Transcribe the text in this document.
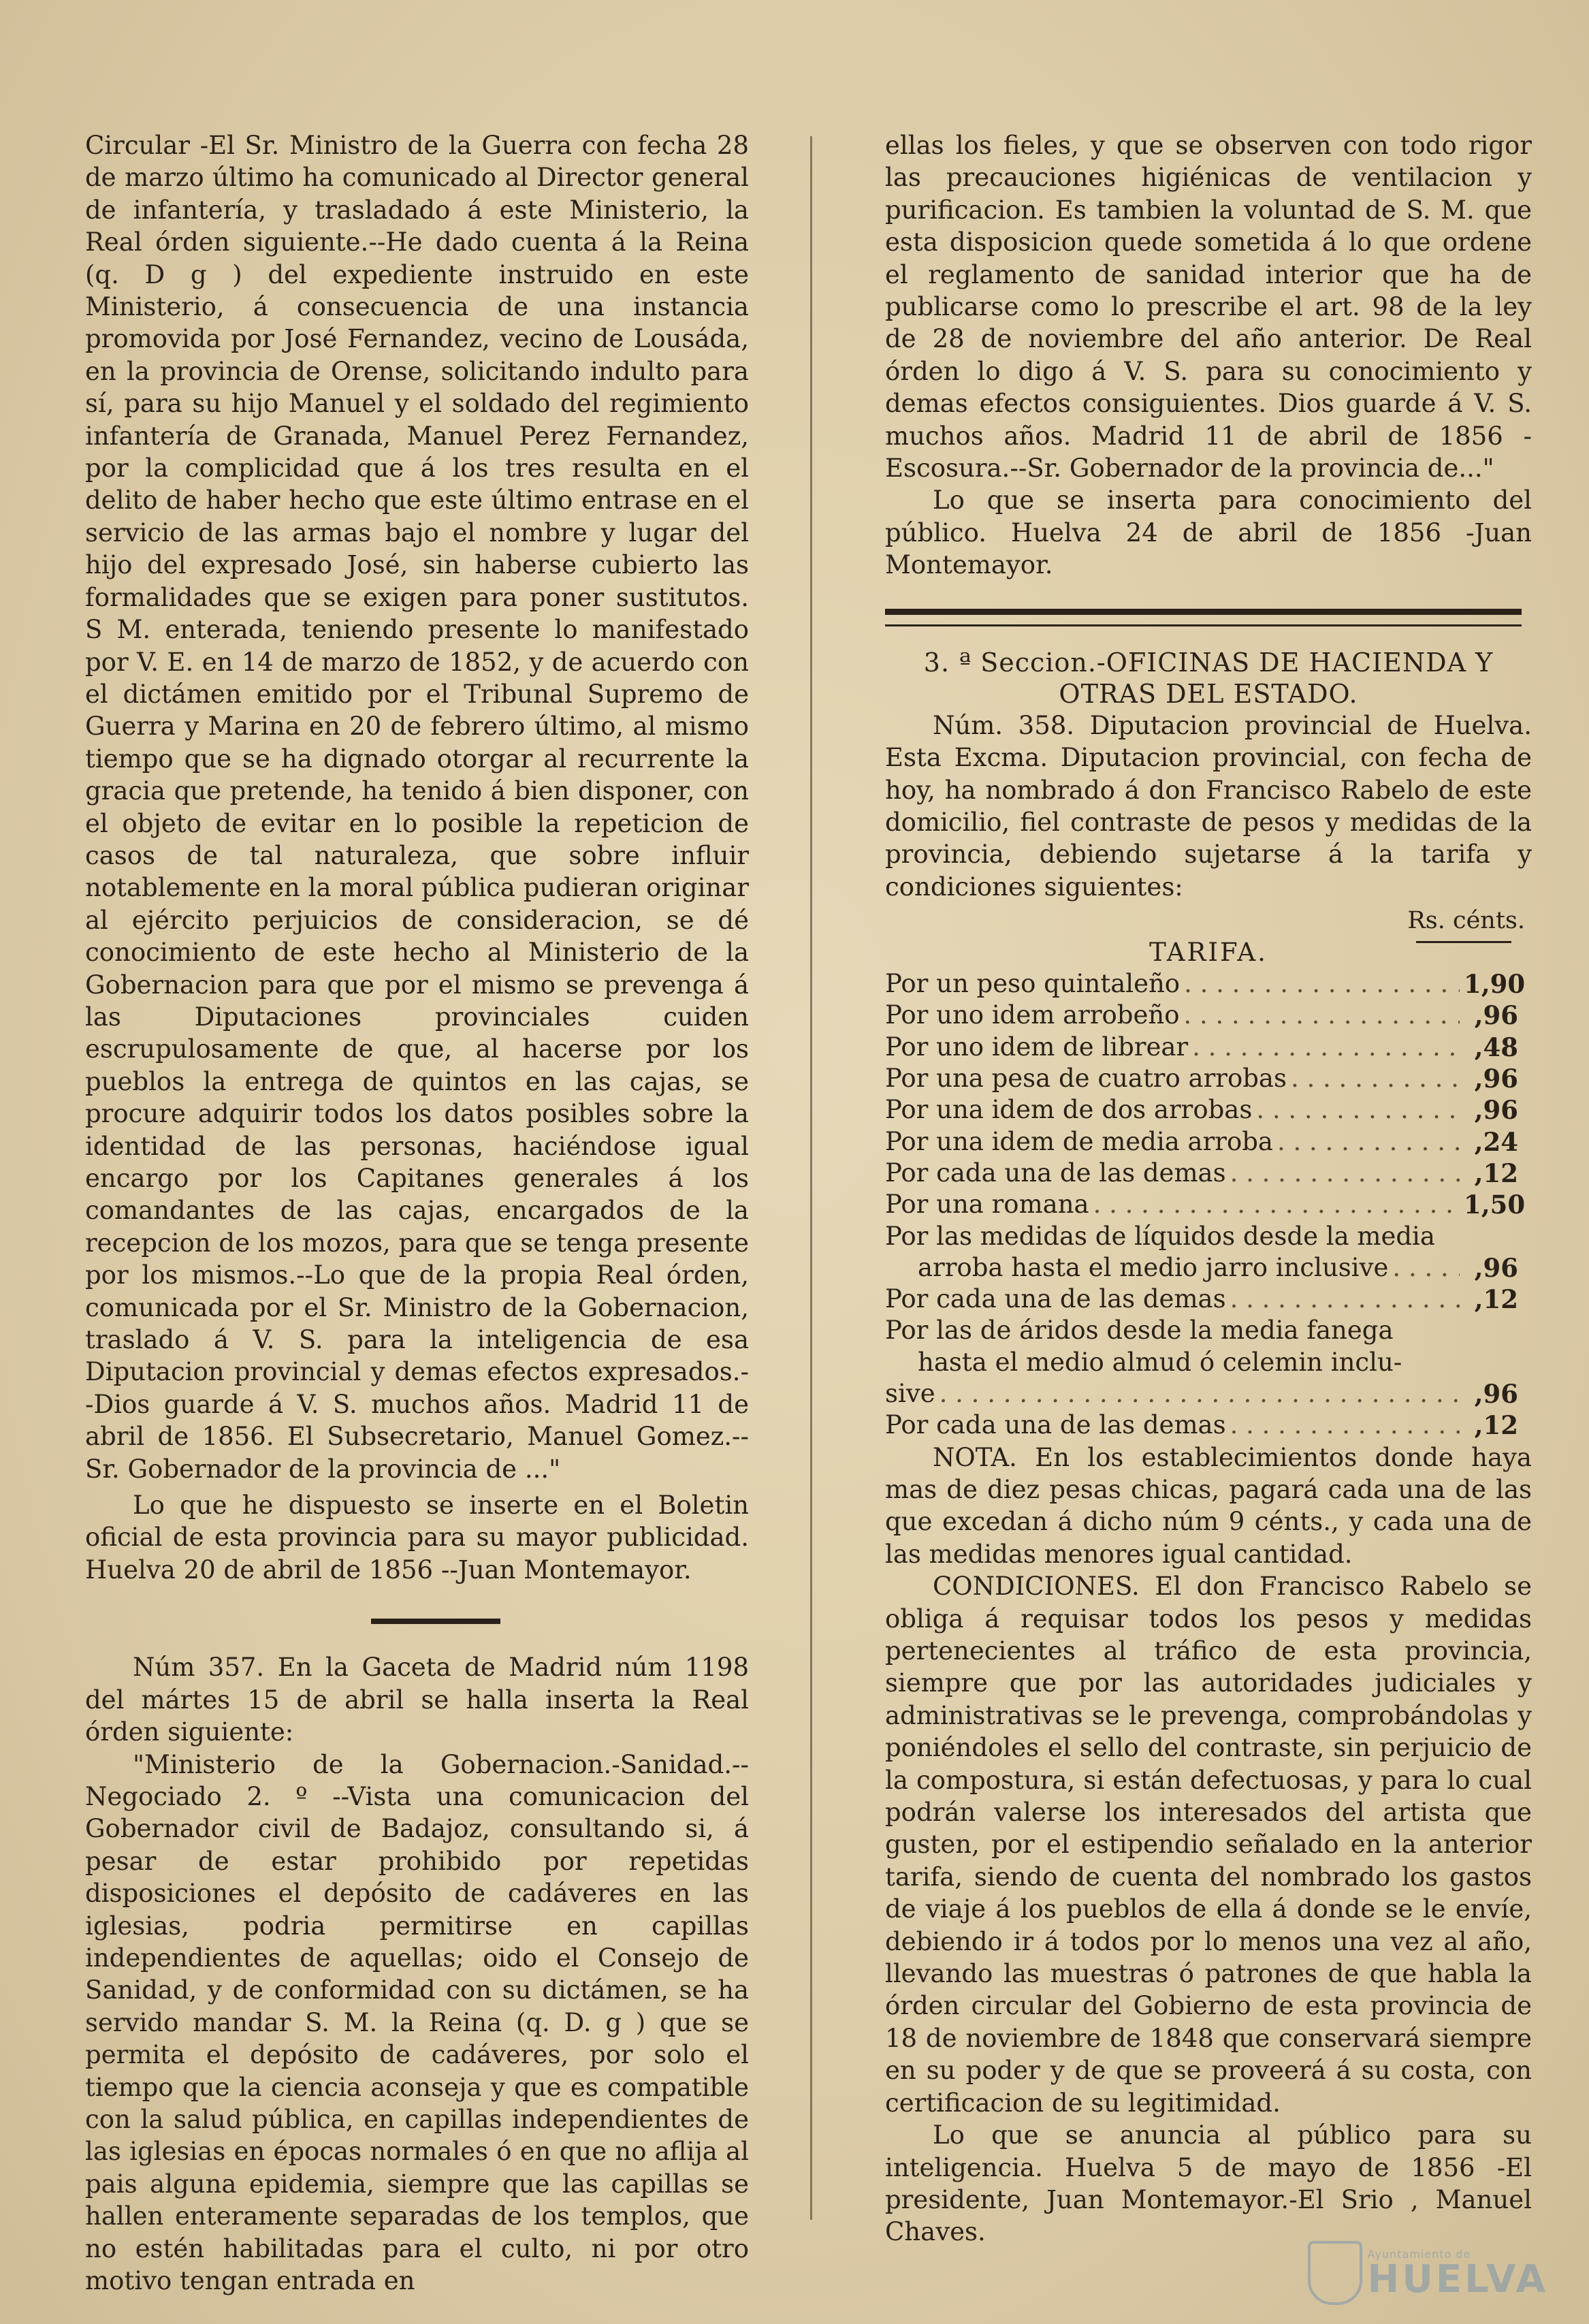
Circular -El Sr. Ministro de la Guerra con fecha 28 de marzo último ha comunicado al Director general de infantería, y trasladado á este Ministerio, la Real órden siguiente.--He dado cuenta á la Reina (q. D g ) del expediente instruido en este Ministerio, á consecuencia de una instancia promovida por José Fernandez, vecino de Lousáda, en la provincia de Orense, solicitando indulto para sí, para su hijo Manuel y el soldado del regimiento infantería de Granada, Manuel Perez Fernandez, por la complicidad que á los tres resulta en el delito de haber hecho que este último entrase en el servicio de las armas bajo el nombre y lugar del hijo del expresado José, sin haberse cubierto las formalidades que se exigen para poner sustitutos. S M. enterada, teniendo presente lo manifestado por V. E. en 14 de marzo de 1852, y de acuerdo con el dictámen emitido por el Tribunal Supremo de Guerra y Marina en 20 de febrero último, al mismo tiempo que se ha dignado otorgar al recurrente la gracia que pretende, ha tenido á bien disponer, con el objeto de evitar en lo posible la repeticion de casos de tal naturaleza, que sobre influir notablemente en la moral pública pudieran originar al ejército perjuicios de consideracion, se dé conocimiento de este hecho al Ministerio de la Gobernacion para que por el mismo se prevenga á las Diputaciones provinciales cuiden escrupulosamente de que, al hacerse por los pueblos la entrega de quintos en las cajas, se procure adquirir todos los datos posibles sobre la identidad de las personas, haciéndose igual encargo por los Capitanes generales á los comandantes de las cajas, encargados de la recepcion de los mozos, para que se tenga presente por los mismos.--Lo que de la propia Real órden, comunicada por el Sr. Ministro de la Gobernacion, traslado á V. S. para la inteligencia de esa Diputacion provincial y demas efectos expresados.--Dios guarde á V. S. muchos años. Madrid 11 de abril de 1856. El Subsecretario, Manuel Gomez.--Sr. Gobernador de la provincia de ..."

Lo que he dispuesto se inserte en el Boletin oficial de esta provincia para su mayor publicidad. Huelva 20 de abril de 1856 --Juan Montemayor.

Núm 357. En la Gaceta de Madrid núm 1198 del mártes 15 de abril se halla inserta la Real órden siguiente:

"Ministerio de la Gobernacion.-Sanidad.--Negociado 2. º --Vista una comunicacion del Gobernador civil de Badajoz, consultando si, á pesar de estar prohibido por repetidas disposiciones el depósito de cadáveres en las iglesias, podria permitirse en capillas independientes de aquellas; oido el Consejo de Sanidad, y de conformidad con su dictámen, se ha servido mandar S. M. la Reina (q. D. g ) que se permita el depósito de cadáveres, por solo el tiempo que la ciencia aconseja y que es compatible con la salud pública, en capillas independientes de las iglesias en épocas normales ó en que no aflija al pais alguna epidemia, siempre que las capillas se hallen enteramente separadas de los templos, que no estén habilitadas para el culto, ni por otro motivo tengan entrada en

ellas los fieles, y que se observen con todo rigor las precauciones higiénicas de ventilacion y purificacion. Es tambien la voluntad de S. M. que esta disposicion quede sometida á lo que ordene el reglamento de sanidad interior que ha de publicarse como lo prescribe el art. 98 de la ley de 28 de noviembre del año anterior. De Real órden lo digo á V. S. para su conocimiento y demas efectos consiguientes. Dios guarde á V. S. muchos años. Madrid 11 de abril de 1856 -Escosura.--Sr. Gobernador de la provincia de..."

Lo que se inserta para conocimiento del público. Huelva 24 de abril de 1856 -Juan Montemayor.

3. ª Seccion.-OFICINAS DE HACIENDA Y
OTRAS DEL ESTADO.

Núm. 358. Diputacion provincial de Huelva. Esta Excma. Diputacion provincial, con fecha de hoy, ha nombrado á don Francisco Rabelo de este domicilio, fiel contraste de pesos y medidas de la provincia, debiendo sujetarse á la tarifa y condiciones siguientes:

Rs. cénts.
TARIFA.
Por un peso quintaleño . . .	1,90
Por uno idem arrobeño . . .	,96
Por uno idem de librear . . .	,48
Por una pesa de cuatro arrobas . . .	,96
Por una idem de dos arrobas . . .	,96
Por una idem de media arroba . . .	,24
Por cada una de las demas . . .	,12
Por una romana . . .	1,50
Por las medidas de líquidos desde la media
arroba hasta el medio jarro inclusive . . .	,96
Por cada una de las demas . . .	,12
Por las de áridos desde la media fanega
hasta el medio almud ó celemin inclu-
sive . . .	,96
Por cada una de las demas . . .	,12

NOTA. En los establecimientos donde haya mas de diez pesas chicas, pagará cada una de las que excedan á dicho núm 9 cénts., y cada una de las medidas menores igual cantidad.

CONDICIONES. El don Francisco Rabelo se obliga á requisar todos los pesos y medidas pertenecientes al tráfico de esta provincia, siempre que por las autoridades judiciales y administrativas se le prevenga, comprobándolas y poniéndoles el sello del contraste, sin perjuicio de la compostura, si están defectuosas, y para lo cual podrán valerse los interesados del artista que gusten, por el estipendio señalado en la anterior tarifa, siendo de cuenta del nombrado los gastos de viaje á los pueblos de ella á donde se le envíe, debiendo ir á todos por lo menos una vez al año, llevando las muestras ó patrones de que habla la órden circular del Gobierno de esta provincia de 18 de noviembre de 1848 que conservará siempre en su poder y de que se proveerá á su costa, con certificacion de su legitimidad.

Lo que se anuncia al público para su inteligencia. Huelva 5 de mayo de 1856 -El presidente, Juan Montemayor.-El Srio , Manuel Chaves.

Ayuntamiento de
HUELVA
